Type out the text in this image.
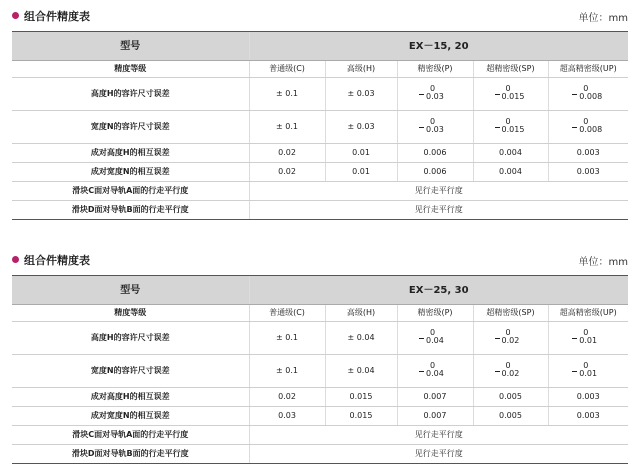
组合件精度表	单位：mm
型号	EX－15, 20				
精度等级	普通级(C)	高级(H)	精密级(P)	超精密级(SP)	超高精密级(UP)
高度H的容许尺寸误差	± 0.1	± 0.03	$\frac{0}{0.03}$	$\frac{0}{0.015}$	$\frac{0}{0.008}$

宽度N的容许尺寸误差	± 0.1	± 0.03	$\frac{0}{0.03}$	$\frac{0}{0.015}$	$\frac{0}{0.008}$

成对高度H的相互误差	0.02	0.01	0.006	0.004	0.003
成对宽度N的相互误差	0.02	0.01	0.006	0.004	0.003
滑块C面对导轨A面的行走平行度	见行走平行度				
滑块D面对导轨B面的行走平行度	见行走平行度				
组合件精度表	单位：mm
型号	EX－25, 30				
精度等级	普通级(C)	高级(H)	精密级(P)	超精密级(SP)	超高精密级(UP)
高度H的容许尺寸误差	± 0.1	± 0.04	$\frac{0}{0.04}$	$\frac{0}{0.02}$	$\frac{0}{0.01}$

宽度N的容许尺寸误差	± 0.1	± 0.04	$\frac{0}{0.04}$	$\frac{0}{0.02}$	$\frac{0}{0.01}$

成对高度H的相互误差	0.02	0.015	0.007	0.005	0.003
成对宽度N的相互误差	0.03	0.015	0.007	0.005	0.003
滑块C面对导轨A面的行走平行度	见行走平行度				
滑块D面对导轨B面的行走平行度	见行走平行度				
